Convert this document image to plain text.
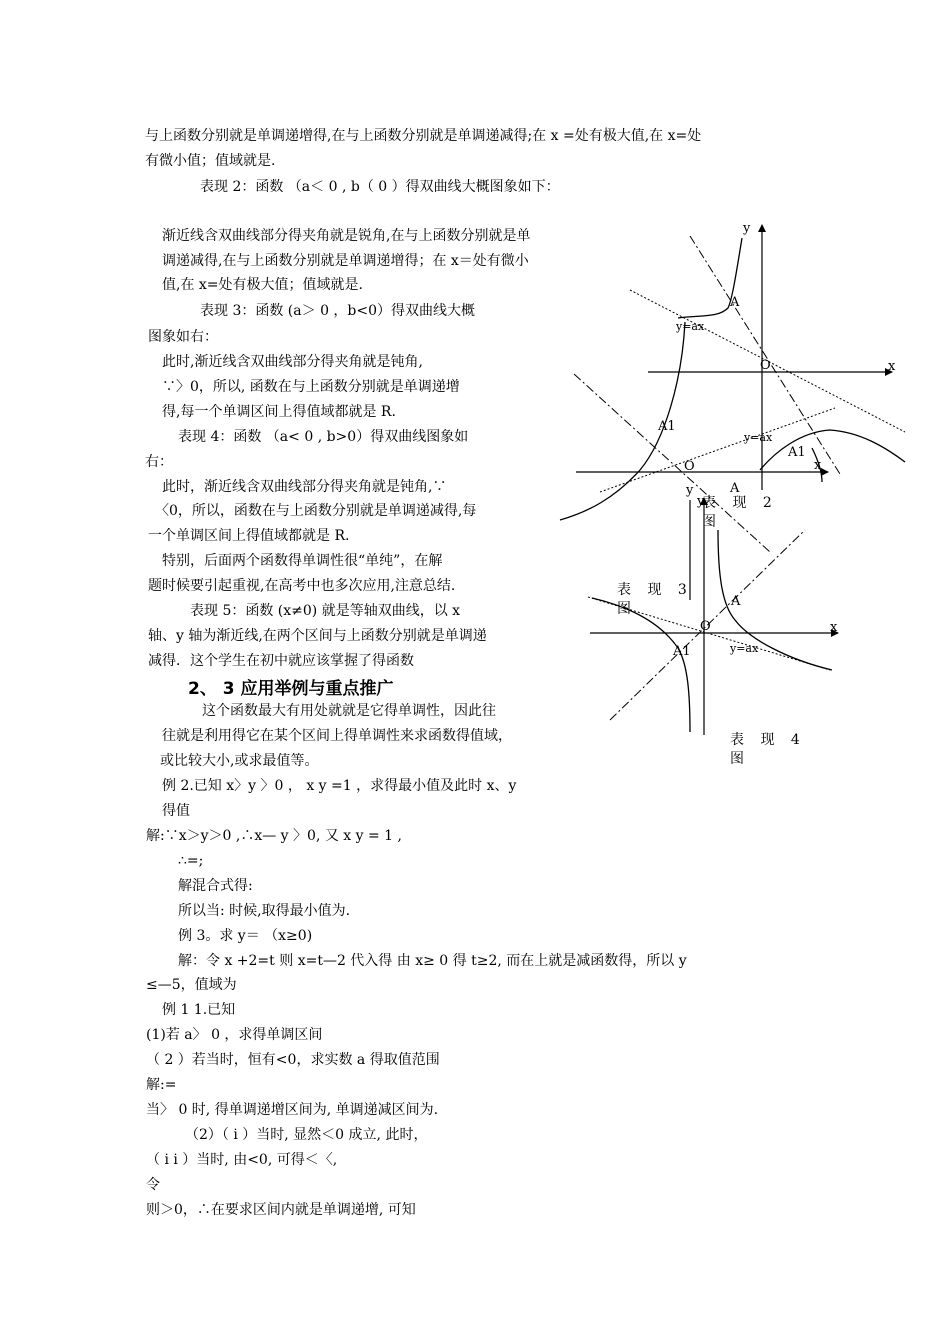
与上函数分别就是单调递增得,在与上函数分别就是单调递减得;在 x =处有极大值,在 x=处
有微小值；值域就是.
表现 2：函数 （a＜ 0 , b（ 0 ）得双曲线大概图象如下：
渐近线含双曲线部分得夹角就是锐角,在与上函数分别就是单
调递减得,在与上函数分别就是单调递增得；在 x＝处有微小
值,在 x=处有极大值；值域就是.
表现 3：函数 (a＞ 0 ，b<0）得双曲线大概
图象如右：
此时,渐近线含双曲线部分得夹角就是钝角,
∵〉0，所以, 函数在与上函数分别就是单调递增
得,每一个单调区间上得值域都就是 R.
表现 4：函数 （a< 0 , b>0）得双曲线图象如
右：
此时，渐近线含双曲线部分得夹角就是钝角,∵
〈0，所以，函数在与上函数分别就是单调递减得,每
一个单调区间上得值域都就是 R.
特别，后面两个函数得单调性很“单纯”，在解
题时候要引起重视,在高考中也多次应用,注意总结.
表现 5：函数 (x≠0) 就是等轴双曲线，以 x
轴、y 轴为渐近线,在两个区间与上函数分别就是单调递
减得．这个学生在初中就应该掌握了得函数
2、 3 应用举例与重点推广
这个函数最大有用处就就是它得单调性，因此往
往就是利用得它在某个区间上得单调性来求函数得值域，
或比较大小,或求最值等。
例 2.已知 x〉y 〉0 ， x y =1 ，求得最小值及此时 x、y
得值
解:∵x＞y＞0 ,∴x— y 〉0, 又 x y = 1 ,
∴=;
解混合式得:
所以当: 时候,取得最小值为.
例 3。求 y＝ （x≥0)
解：令 x +2=t 则 x=t—2 代入得 由 x≥ 0 得 t≥2, 而在上就是减函数得，所以 y
≤—5，值域为
例 1 1.已知
(1)若 a〉 0 ，求得单调区间
（ 2 ）若当时，恒有<0，求实数 a 得取值范围
解:=
当〉 0 时, 得单调递增区间为, 单调递减区间为.
（2）（ i ）当时, 显然＜0 成立, 此时，
（ i i ）当时, 由<0, 可得＜〈,
令
则＞0，∴在要求区间内就是单调递增, 可知
y
x
O
A
y=ax
A1
O	x
A1
y=ax
A
y
O	x
A
y=ax
A1
y
表 现 2
图
表 现 3
图
表 现 4
图
